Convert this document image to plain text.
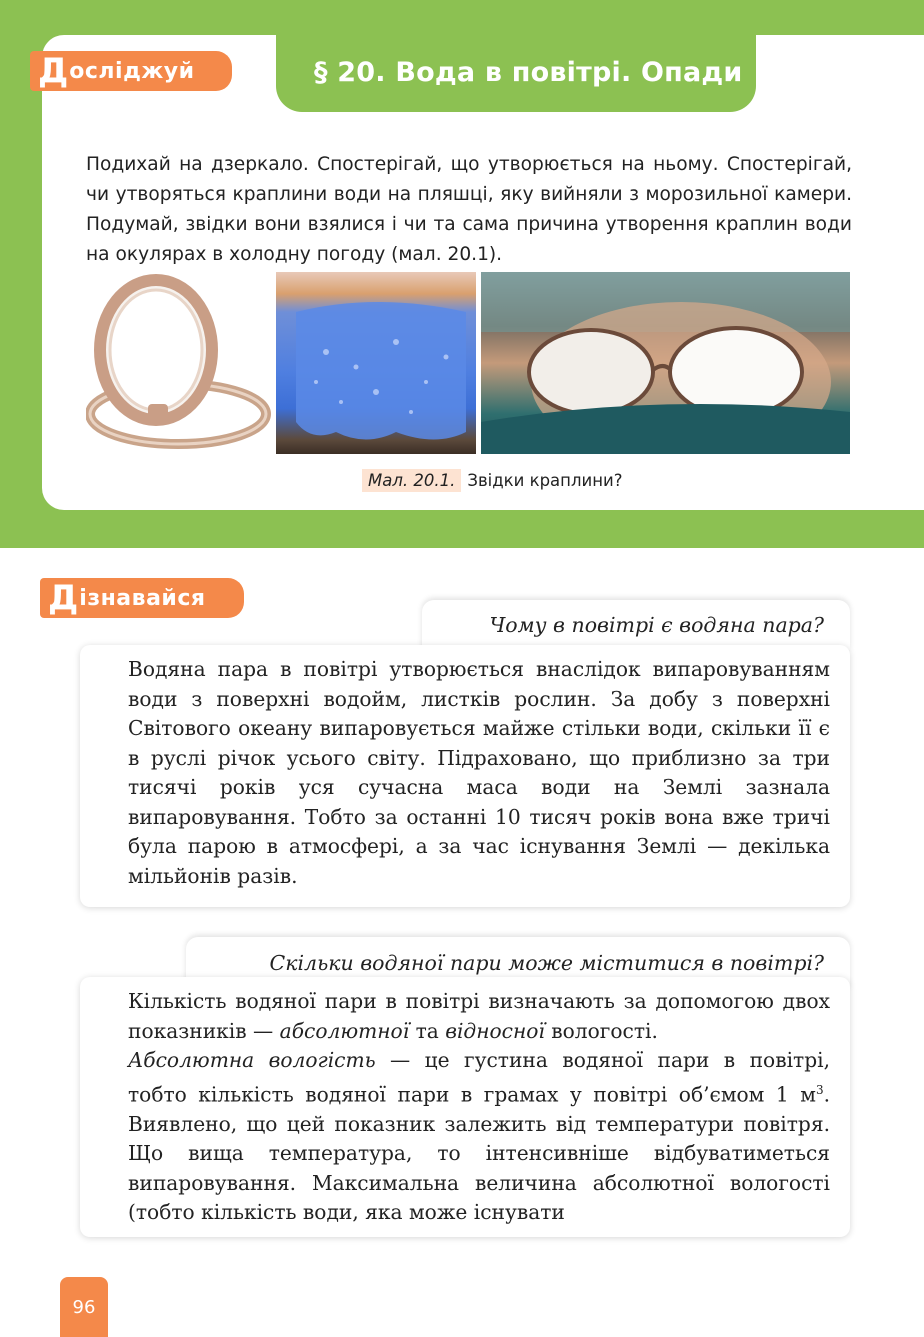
Д осліджуй	§ 20. Вода в повітрі. Опади

Подихай на дзеркало. Спостерігай, що утворюється на ньому. Спостерігай, чи утворяться краплини води на пляшці, яку вийняли з морозильної камери. Подумай, звідки вони взялися і чи та сама причина утворення краплин води на окулярах в холодну погоду (мал. 20.1).

Мал. 20.1. Звідки краплини?
Д ізнавайся
Чому в повітрі є водяна пара?

Водяна пара в повітрі утворюється внаслідок випаровуванням води з поверхні водойм, листків рослин. За добу з поверхні Світового океану випаровується майже стільки води, скільки її є в руслі річок усього світу. Підраховано, що приблизно за три тисячі років уся сучасна маса води на Землі зазнала випаровування. Тобто за останні 10 тисяч років вона вже тричі була парою в атмосфері, а за час існування Землі — декілька мільйонів разів.

Скільки водяної пари може міститися в повітрі?

Кількість водяної пари в повітрі визначають за допомогою двох показників — абсолютної та відносної вологості.

Абсолютна вологість — це густина водяної пари в повітрі, тобто кількість водяної пари в грамах у повітрі об’ємом 1 $м^3$. Виявлено, що цей показник залежить від температури повітря. Що вища температура, то інтенсивніше відбуватиметься випаровування. Максимальна величина абсолютної вологості (тобто кількість води, яка може існувати

96
